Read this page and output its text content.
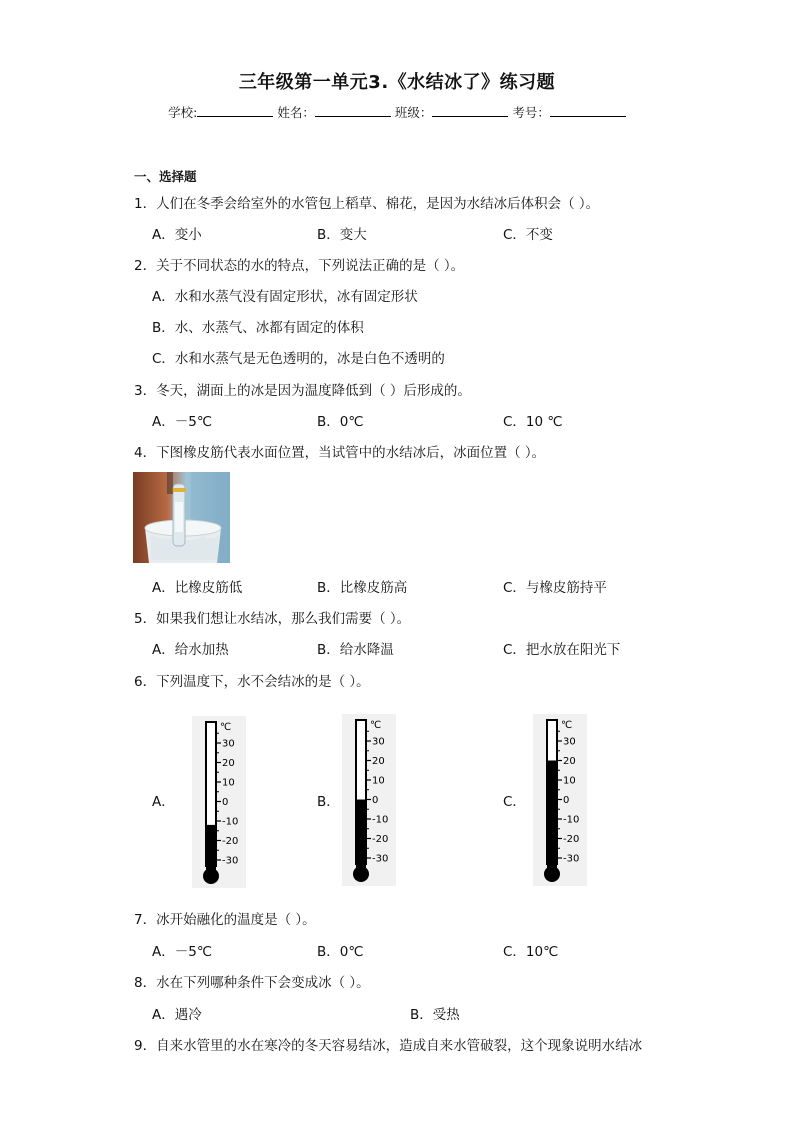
三年级第一单元3.《水结冰了》练习题
学校:	姓名：	班级：	考号：
一、选择题
1．人们在冬季会给室外的水管包上稻草、棉花，是因为水结冰后体积会（ ）。
A．变小	B．变大	C．不变
2．关于不同状态的水的特点，下列说法正确的是（ ）。
A．水和水蒸气没有固定形状，冰有固定形状
B．水、水蒸气、冰都有固定的体积
C．水和水蒸气是无色透明的，冰是白色不透明的
3．冬天，湖面上的冰是因为温度降低到（ ）后形成的。
A．－5℃	B．0℃	C．10 ℃
4．下图橡皮筋代表水面位置，当试管中的水结冰后，冰面位置（ ）。
A．比橡皮筋低	B．比橡皮筋高	C．与橡皮筋持平
5．如果我们想让水结冰，那么我们需要（ ）。
A．给水加热	B．给水降温	C．把水放在阳光下
6．下列温度下，水不会结冰的是（ ）。
A．	B．	C．
℃
30
20
10
0
-10
-20
-30
℃
30
20
10
0
-10
-20
-30
℃
30
20
10
0
-10
-20
-30
7．冰开始融化的温度是（ ）。
A．－5℃	B．0℃	C．10℃
8．水在下列哪种条件下会变成冰（ ）。
A．遇冷	B．受热
9．自来水管里的水在寒冷的冬天容易结冰，造成自来水管破裂，这个现象说明水结冰
